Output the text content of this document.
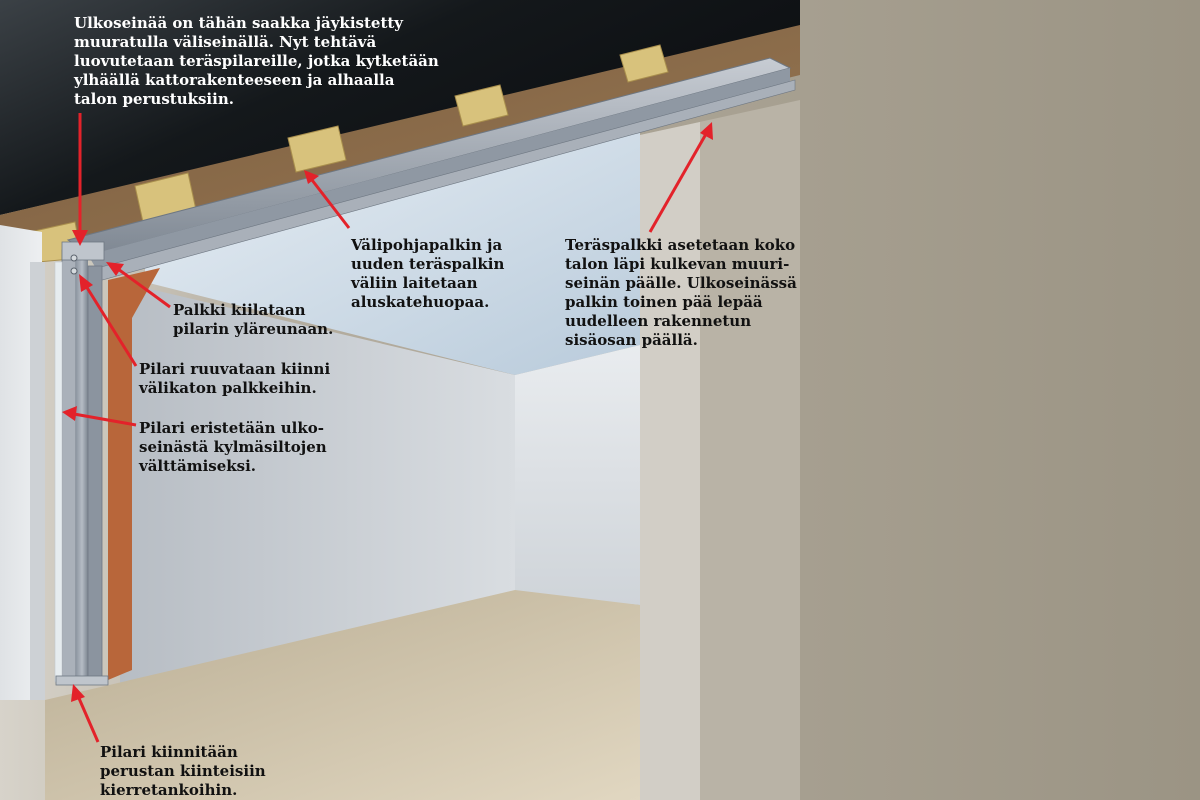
Ulkoseinää on tähän saakka jäykistetty
muuratulla väliseinällä. Nyt tehtävä
luovutetaan teräspilareille, jotka kytketään
ylhäällä kattorakenteeseen ja alhaalla
talon perustuksiin.

Välipohjapalkin ja
uuden teräspalkin
väliin laitetaan
aluskatehuopaa.

Teräspalkki asetetaan koko
talon läpi kulkevan muuri-
seinän päälle. Ulkoseinässä
palkin toinen pää lepää
uudelleen rakennetun
sisäosan päällä.

Palkki kiilataan
pilarin yläreunaan.

Pilari ruuvataan kiinni
välikaton palkkeihin.

Pilari eristetään ulko-
seinästä kylmäsiltojen
välttämiseksi.

Pilari kiinnitään
perustan kiinteisiin
kierretankoihin.
